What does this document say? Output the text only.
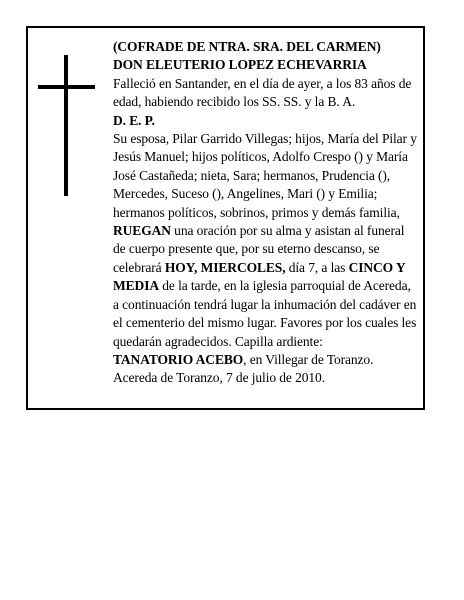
(COFRADE DE NTRA. SRA. DEL CARMEN)

DON ELEUTERIO LOPEZ ECHEVARRIA

Falleció en Santander, en el día de ayer, a los 83 años de edad, habiendo recibido los SS. SS. y la B. A.

D. E. P.

Su esposa, Pilar Garrido Villegas; hijos, María del Pilar y Jesús Manuel; hijos políticos, Adolfo Crespo () y María José Castañeda; nieta, Sara; hermanos, Prudencia (), Mercedes, Suceso (), Angelines, Mari () y Emilia; hermanos políticos, sobrinos, primos y demás familia,
RUEGAN una oración por su alma y asistan al funeral de cuerpo presente que, por su eterno descanso, se celebrará HOY, MIERCOLES, día 7, a las CINCO Y MEDIA de la tarde, en la iglesia parroquial de Acereda, a continuación tendrá lugar la inhumación del cadáver en el cementerio del mismo lugar. Favores por los cuales les quedarán agradecidos. Capilla ardiente:
TANATORIO ACEBO, en Villegar de Toranzo.

Acereda de Toranzo, 7 de julio de 2010.
